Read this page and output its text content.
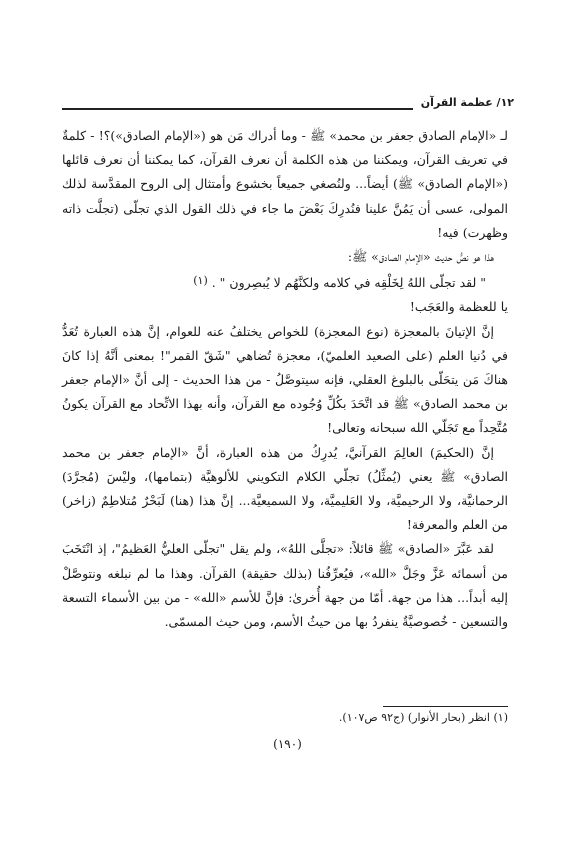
١٢/ عظمة القرآن

لـ «الإمام الصادق جعفر بن محمد» ﷺ - وما أدراك مَن هو («الإمام الصادق»)؟! - كلمةٌ في تعريف القرآن، ويمكننا من هذه الكلمة أن نعرف القرآن، كما يمكننا أن نعرف قائلها («الإمام الصادق» ﷺ) أيضاً... ولنُصغي جميعاً بخشوع وأمتثال إلى الروح المقدَّسة لذلك المولى، عسى أن يَمُنَّ علينا فنُدرِكَ بَعْضَ ما جاء في ذلك القول الذي تجلّى (تجلَّت ذاته وظهرت) فيه!

هذا هو نصُّ حديث «الإمام الصادق» ﷺ:

" لقد تجلّى اللهُ لِخَلْقِه في كلامه ولكنَّهُم لا يُبصِرون " . (١)

يا للعظمة والعَجَب!

إنَّ الإتيانَ بالمعجزة (نوع المعجزة) للخواص يختلفُ عنه للعوام، إنَّ هذه العبارة تُعَدُّ في دُنيا العلم (على الصعيد العلميّ)، معجزة تُضاهي "شَقّ القمر"! بمعنى أنَّهُ إذا كانَ هناكَ مَن يتحَلّى بالبلوغ العقلي، فإنه سيتوصَّلُ - من هذا الحديث - إلى أنَّ «الإمام جعفر بن محمد الصادق» ﷺ قد اتَّحَدَ بكُلِّ وُجُوده مع القرآن، وأنه بهذا الاتِّحاد مع القرآن يكونُ مُتَّحِداً مع تَجَلّي الله سبحانه وتعالى!

إنَّ (الحكيمَ) العالِمَ القرآنيَّ، يُدرِكُ من هذه العبارة، أنَّ «الإمام جعفر بن محمد الصادق» ﷺ يعني (يُمثِّلُ) تجلّي الكلام التكويني للألوهيَّة (بتمامها)، وليْسَ (مُجرَّدَ) الرحمانيَّة، ولا الرحيميَّة، ولا العَليميَّة، ولا السميعيَّة... إنَّ هذا (هنا) لَبَحْرٌ مُتلاطِمٌ (زاخر) من العلم والمعرفة!

لقد عَبَّرَ «الصادق» ﷺ قائلاً: «تجلَّى اللهُ»، ولم يقل "تجلّى العليُّ العَظيمُ"، إذ انْتَخَبَ من أسمائه عَزَّ وجَلَّ «الله»، فيُعرِّفُنا (بذلك حقيقة) القرآن. وهذا ما لم نبلغه ونتوصَّلْ إليه أبداً... هذا من جهة. أمّا من جهة أُخرىٰ: فإنَّ للأسم «الله» - من بين الأسماء التسعة والتسعين - خُصوصيَّةٌ ينفردُ بها من حيثُ الأسم، ومن حيث المسمّى.

(١) انظر (بحار الأنوار) (ج٩٢ ص١٠٧).
(١٩٠)
